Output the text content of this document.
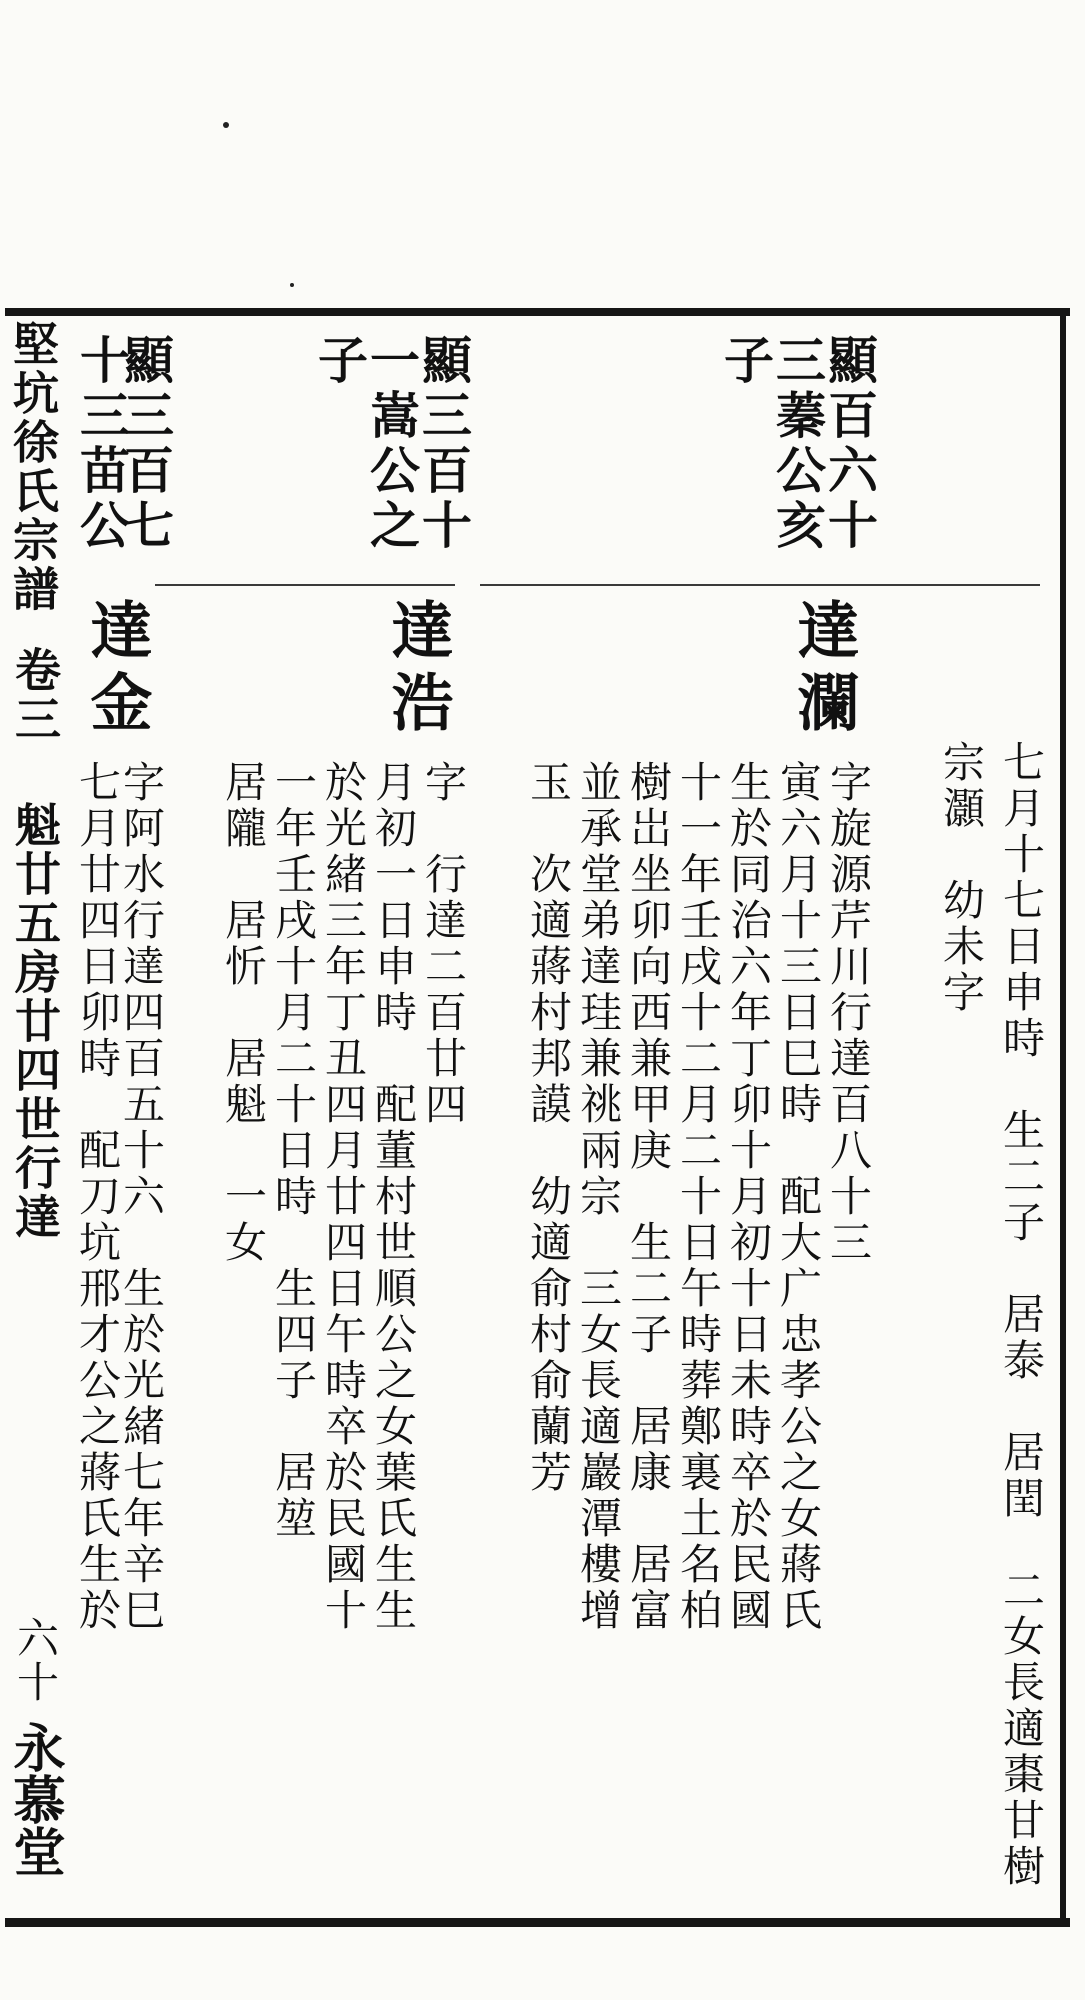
七月十七日申時　生二子　居泰　居閏　二女長適棗甘樹
宗灝　幼未字
顯百六十
三蓁公亥
子
達瀾
字旋源芹川行達百八十三
寅六月十三日巳時　配大广忠孝公之女蔣氏
生於同治六年丁卯十月初十日未時卒於民國
十一年壬戌十二月二十日午時葬鄭裏土名柏
樹岀坐卯向西兼甲庚　生二子　居康　居富
並承堂弟達珪兼祧兩宗　三女長適巖潭樓增
玉　次適蔣村邦謨　幼適俞村俞蘭芳
顯三百十
一嵩公之
子
達浩
字　行達二百廿四
月初一日申時　配董村世順公之女葉氏生生
於光緒三年丁丑四月廿四日午時卒於民國十
一年壬戌十月二十日時　生四子　居堃
居隴　居忻　居魁　一女
顯三百七
十三苗公
達金
字阿水行達四百五十六　生於光緒七年辛巳
七月廿四日卯時　配刀坑邢才公之蔣氏生於
堅坑徐氏宗譜
卷三 魁廿五房廿四世行達
六十
永慕堂
